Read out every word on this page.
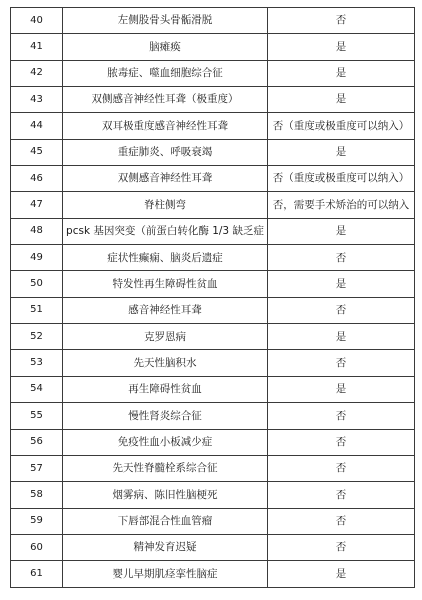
40	左侧股骨头骨骺滑脱	否
41	脑瘫痪	是
42	脓毒症、噬血细胞综合征	是
43	双侧感音神经性耳聋（极重度）	是
44	双耳极重度感音神经性耳聋	否（重度或极重度可以纳入）
45	重症肺炎、呼吸衰竭	是
46	双侧感音神经性耳聋	否（重度或极重度可以纳入）
47	脊柱侧弯	否，需要手术矫治的可以纳入
48	pcsk 基因突变（前蛋白转化酶 1/3 缺乏症	是
49	症状性癫痫、脑炎后遗症	否
50	特发性再生障碍性贫血	是
51	感音神经性耳聋	否
52	克罗恩病	是
53	先天性脑积水	否
54	再生障碍性贫血	是
55	慢性肾炎综合征	否
56	免疫性血小板减少症	否
57	先天性脊髓栓系综合征	否
58	烟雾病、陈旧性脑梗死	否
59	下唇部混合性血管瘤	否
60	精神发育迟疑	否
61	婴儿早期肌痉挛性脑症	是
